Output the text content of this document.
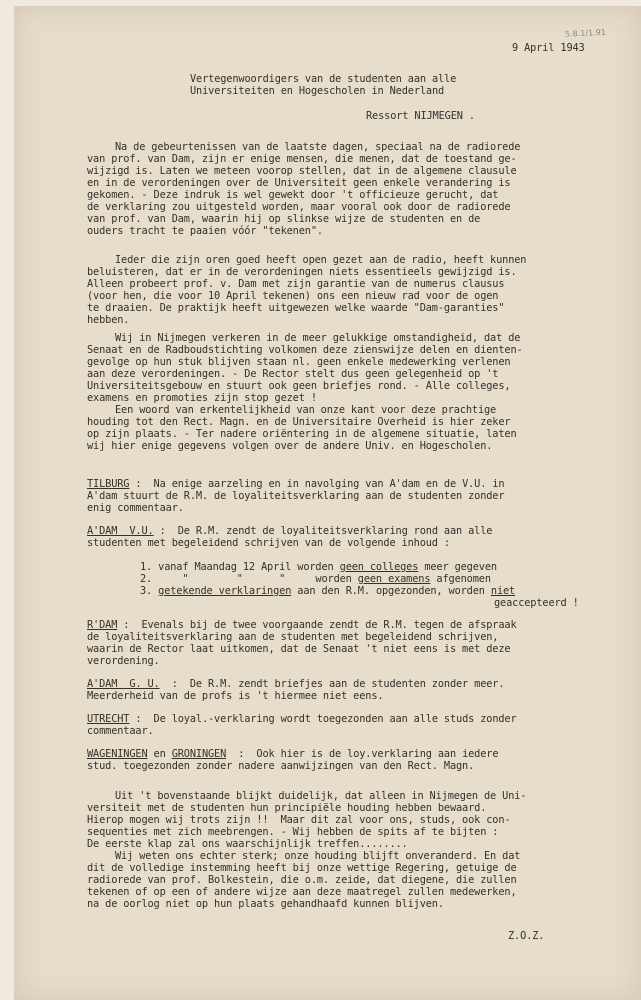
5.8.1/1.91
9 April 1943
Vertegenwoordigers van de studenten aan alle
Universiteiten en Hogescholen in Nederland
Ressort NIJMEGEN .
Na de gebeurtenissen van de laatste dagen, speciaal na de radiorede
van prof. van Dam, zijn er enige mensen, die menen, dat de toestand ge-
wijzigd is. Laten we meteen voorop stellen, dat in de algemene clausule
en in de verordeningen over de Universiteit geen enkele verandering is
gekomen. - Deze indruk is wel gewekt door 't officieuze gerucht, dat
de verklaring zou uitgesteld worden, maar vooral ook door de radiorede
van prof. van Dam, waarin hij op slinkse wijze de studenten en de
ouders tracht te paaien vóór "tekenen".
Ieder die zijn oren goed heeft open gezet aan de radio, heeft kunnen
beluisteren, dat er in de verordeningen niets essentieels gewijzigd is.
Alleen probeert prof. v. Dam met zijn garantie van de numerus clausus
(voor hen, die voor 10 April tekenen) ons een nieuw rad voor de ogen
te draaien. De praktijk heeft uitgewezen welke waarde "Dam-garanties"
hebben.
Wij in Nijmegen verkeren in de meer gelukkige omstandigheid, dat de
Senaat en de Radboudstichting volkomen deze zienswijze delen en dienten-
gevolge op hun stuk blijven staan nl. geen enkele medewerking verlenen
aan deze verordeningen. - De Rector stelt dus geen gelegenheid op 't
Universiteitsgebouw en stuurt ook geen briefjes rond. - Alle colleges,
examens en promoties zijn stop gezet !
Een woord van erkentelijkheid van onze kant voor deze prachtige
houding tot den Rect. Magn. en de Universitaire Overheid is hier zeker
op zijn plaats. - Ter nadere oriëntering in de algemene situatie, laten
wij hier enige gegevens volgen over de andere Univ. en Hogescholen.
TILBURG :  Na enige aarzeling en in navolging van A'dam en de V.U. in
A'dam stuurt de R.M. de loyaliteitsverklaring aan de studenten zonder
enig commentaar.
A'DAM  V.U. :  De R.M. zendt de loyaliteitsverklaring rond aan alle
studenten met begeleidend schrijven van de volgende inhoud :
1. vanaf Maandag 12 April worden geen colleges meer gegeven
2.     "        "      "     worden geen examens afgenomen
3. getekende verklaringen aan den R.M. opgezonden, worden niet
geaccepteerd !
R'DAM :  Evenals bij de twee voorgaande zendt de R.M. tegen de afspraak
de loyaliteitsverklaring aan de studenten met begeleidend schrijven,
waarin de Rector laat uitkomen, dat de Senaat 't niet eens is met deze
verordening.
A'DAM  G. U.  :  De R.M. zendt briefjes aan de studenten zonder meer.
Meerderheid van de profs is 't hiermee niet eens.
UTRECHT :  De loyal.-verklaring wordt toegezonden aan alle studs zonder
commentaar.
WAGENINGEN en GRONINGEN  :  Ook hier is de loy.verklaring aan iedere
stud. toegezonden zonder nadere aanwijzingen van den Rect. Magn.
Uit 't bovenstaande blijkt duidelijk, dat alleen in Nijmegen de Uni-
versiteit met de studenten hun principiële houding hebben bewaard.
Hierop mogen wij trots zijn !!  Maar dit zal voor ons, studs, ook con-
sequenties met zich meebrengen. - Wij hebben de spits af te bijten :
De eerste klap zal ons waarschijnlijk treffen........
Wij weten ons echter sterk; onze houding blijft onveranderd. En dat
dit de volledige instemming heeft bij onze wettige Regering, getuige de
radiorede van prof. Bolkestein, die o.m. zeide, dat diegene, die zullen
tekenen of op een of andere wijze aan deze maatregel zullen medewerken,
na de oorlog niet op hun plaats gehandhaafd kunnen blijven.
Z.O.Z.
